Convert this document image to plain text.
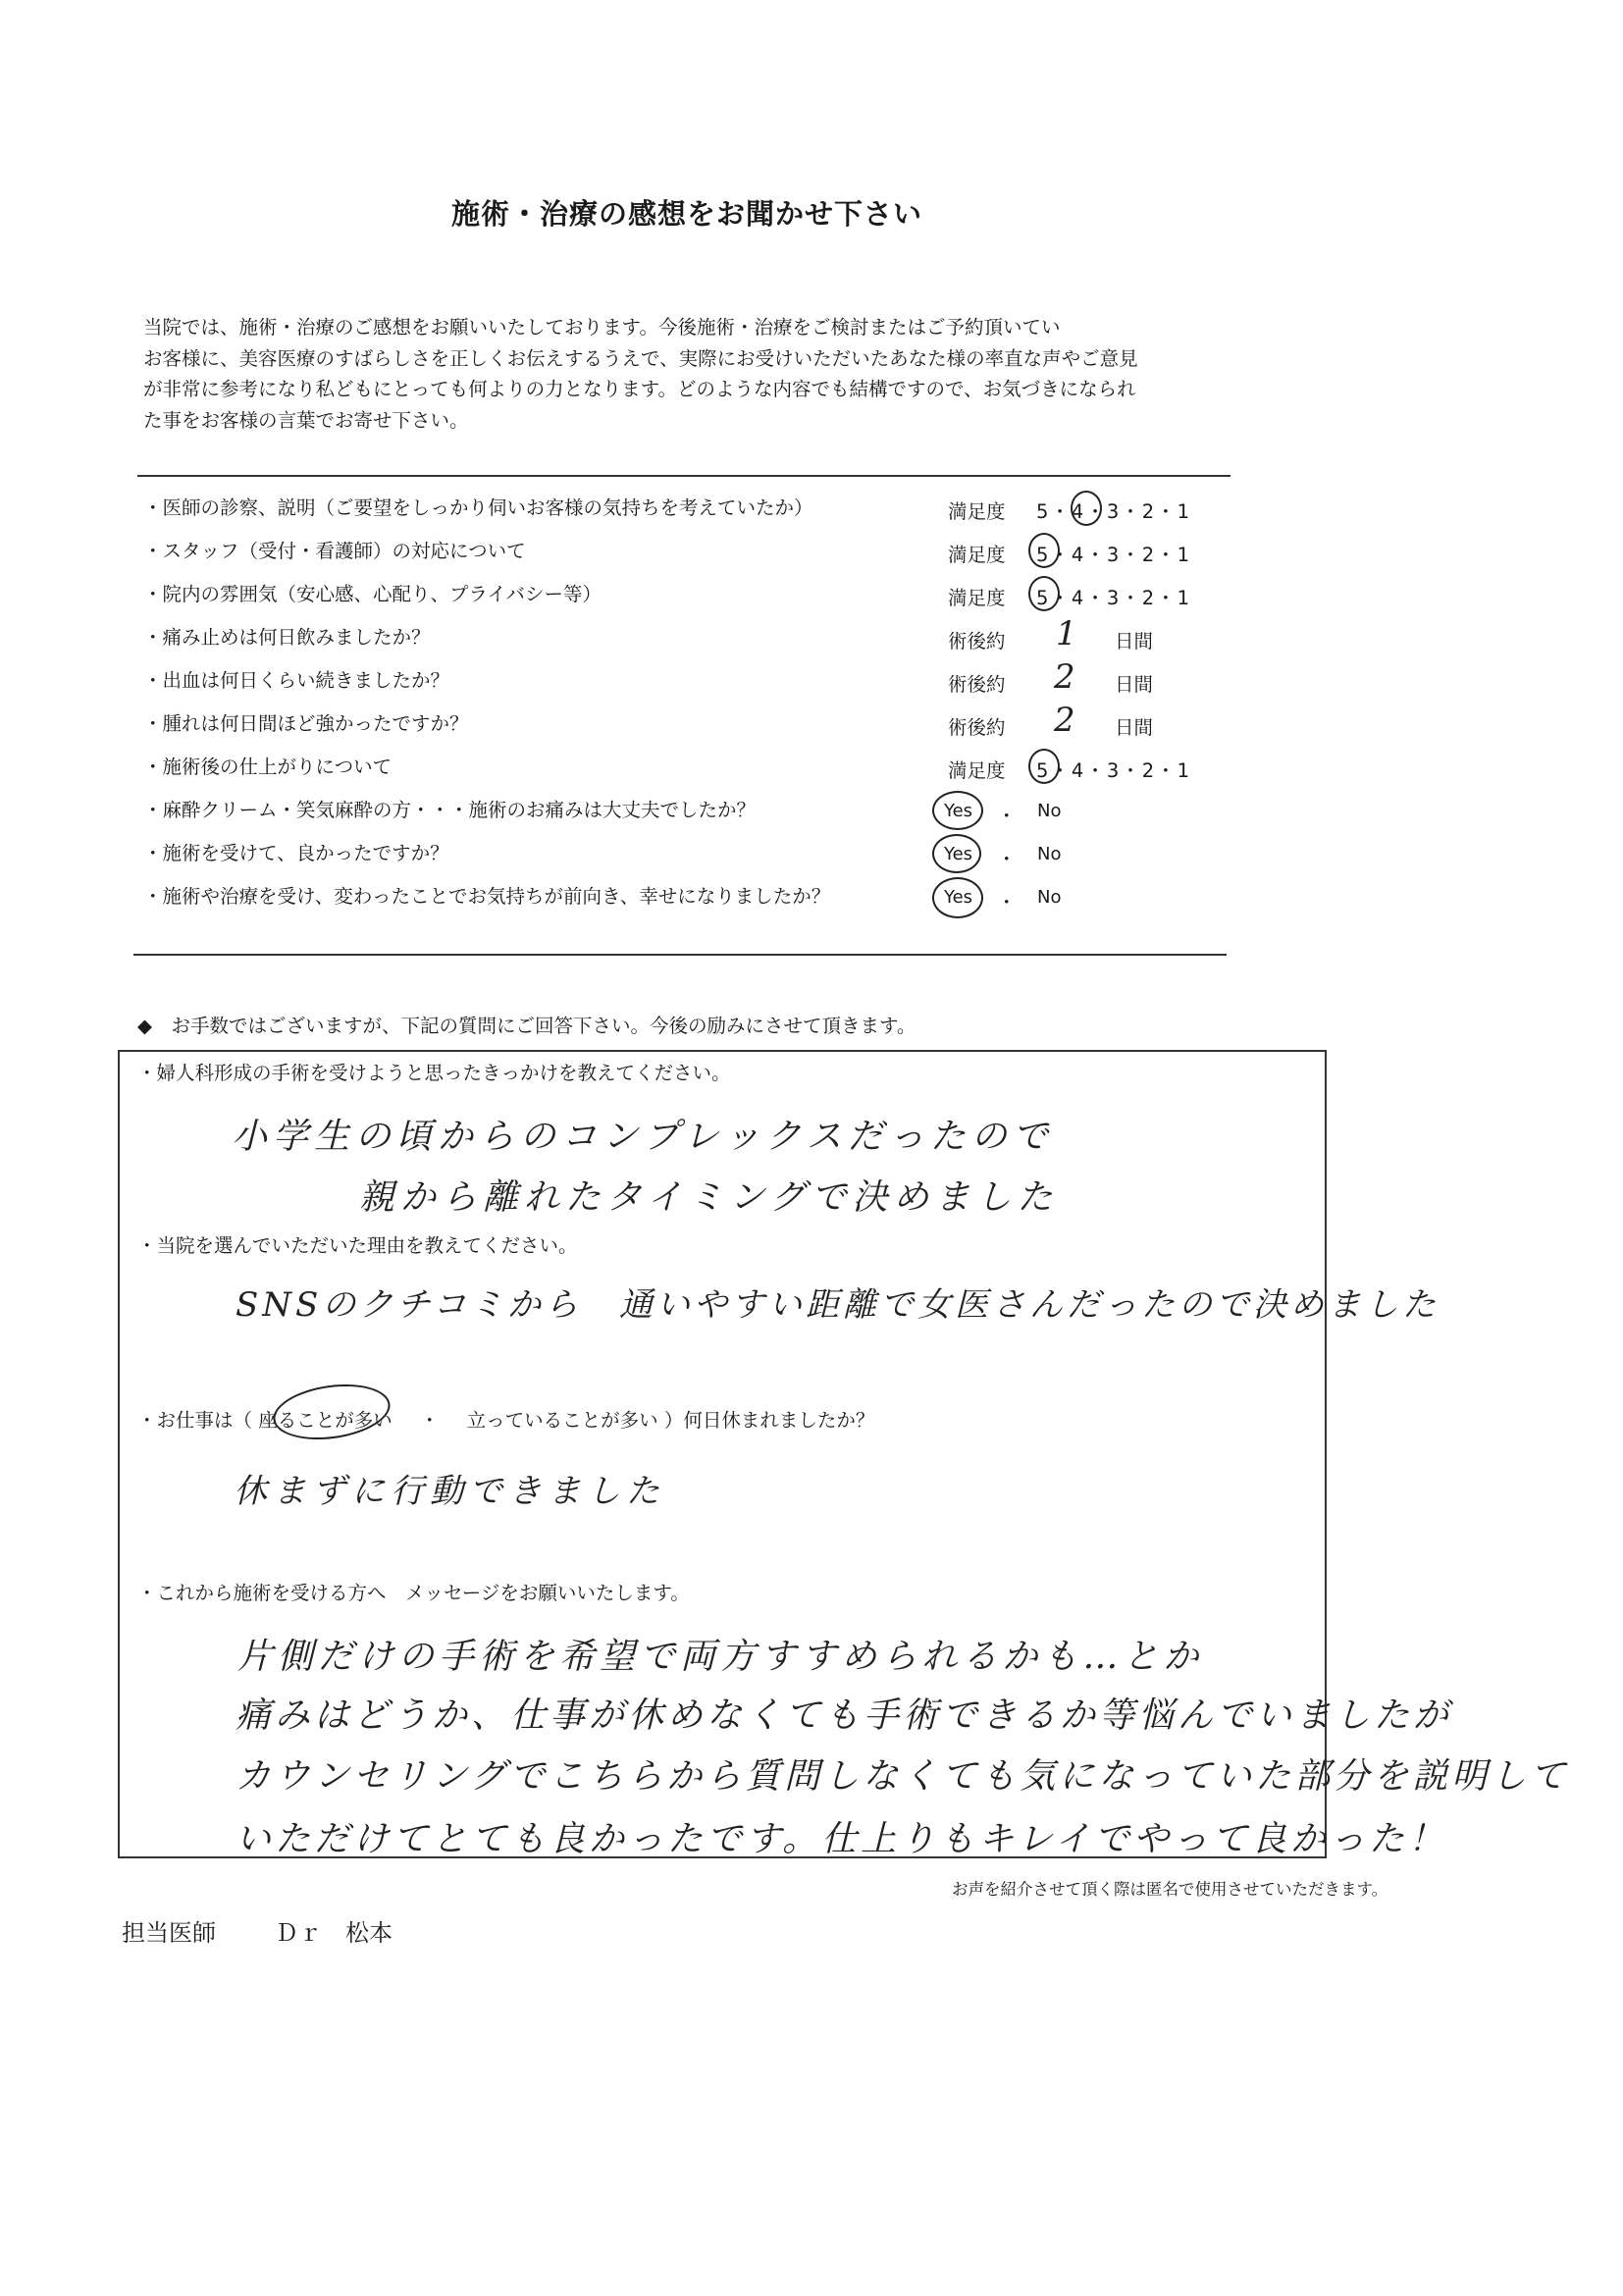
施術・治療の感想をお聞かせ下さい
当院では、施術・治療のご感想をお願いいたしております。今後施術・治療をご検討またはご予約頂いてい
お客様に、美容医療のすばらしさを正しくお伝えするうえで、実際にお受けいただいたあなた様の率直な声やご意見
が非常に参考になり私どもにとっても何よりの力となります。どのような内容でも結構ですので、お気づきになられ
た事をお客様の言葉でお寄せ下さい。
・医師の診察、説明（ご要望をしっかり伺いお客様の気持ちを考えていたか）	満足度 5・4・3・2・1
・スタッフ（受付・看護師）の対応について	満足度 5・4・3・2・1
・院内の雰囲気（安心感、心配り、プライバシー等）	満足度 5・4・3・2・1
・痛み止めは何日飲みましたか？	術後約 1 日間
・出血は何日くらい続きましたか？	術後約 2 日間
・腫れは何日間ほど強かったですか？	術後約 2 日間
・施術後の仕上がりについて	満足度 5・4・3・2・1
・麻酔クリーム・笑気麻酔の方・・・施術のお痛みは大丈夫でしたか？	Yes ・ No
・施術を受けて、良かったですか？	Yes ・ No
・施術や治療を受け、変わったことでお気持ちが前向き、幸せになりましたか？	Yes ・ No
◆　お手数ではございますが、下記の質問にご回答下さい。今後の励みにさせて頂きます。
・婦人科形成の手術を受けようと思ったきっかけを教えてください。
小学生の頃からのコンプレックスだったので
親から離れたタイミングで決めました
・当院を選んでいただいた理由を教えてください。
SNSのクチコミから　通いやすい距離で女医さんだったので決めました
・お仕事は（ 座ることが多い ・ 立っていることが多い ）何日休まれましたか？
休まずに行動できました
・これから施術を受ける方へ　メッセージをお願いいたします。
片側だけの手術を希望で両方すすめられるかも…とか
痛みはどうか、仕事が休めなくても手術できるか等悩んでいましたが
カウンセリングでこちらから質問しなくても気になっていた部分を説明して
いただけてとても良かったです。仕上りもキレイでやって良かった！
お声を紹介させて頂く際は匿名で使用させていただきます。
担当医師	Ｄｒ　松本
